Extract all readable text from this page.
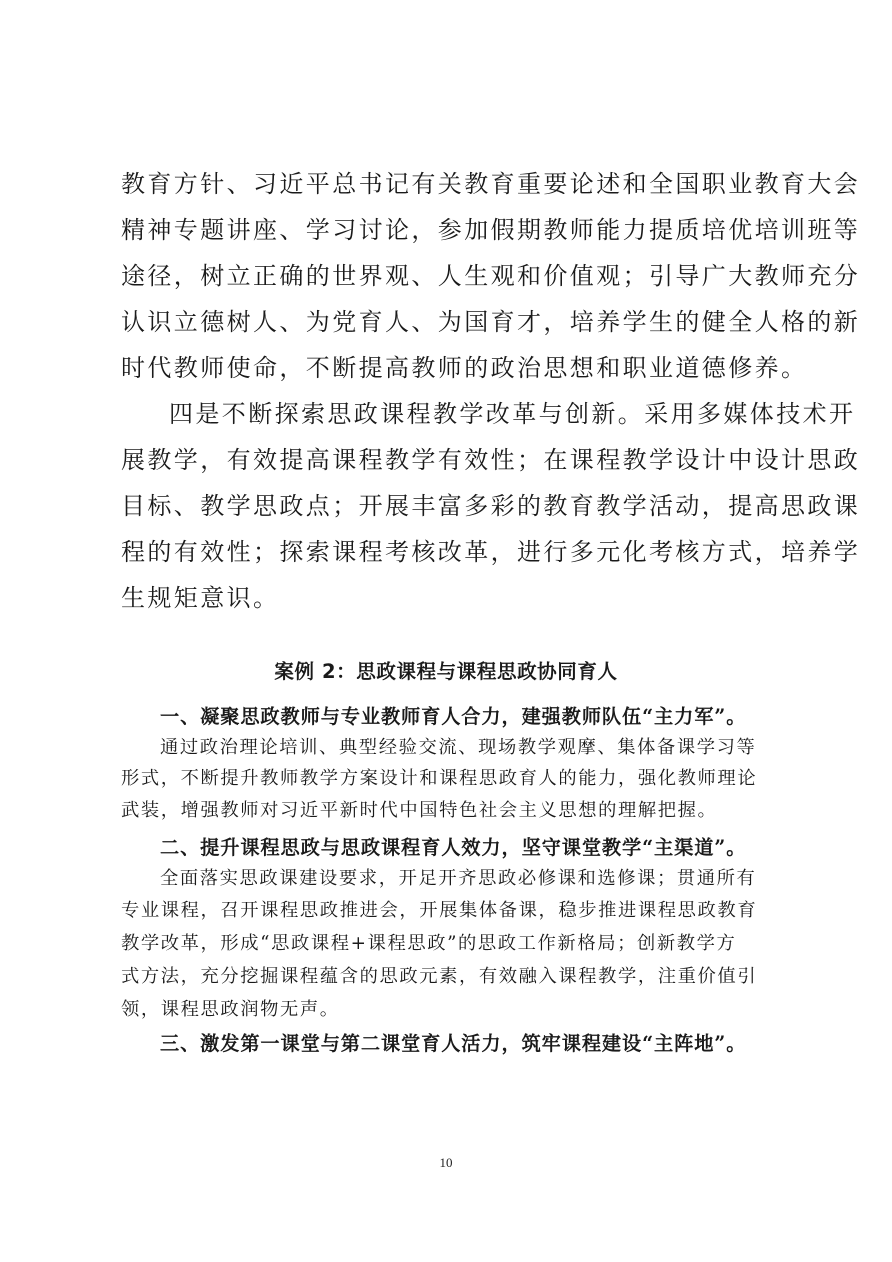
教育方针、习近平总书记有关教育重要论述和全国职业教育大会
精神专题讲座、学习讨论，参加假期教师能力提质培优培训班等
途径，树立正确的世界观、人生观和价值观；引导广大教师充分
认识立德树人、为党育人、为国育才，培养学生的健全人格的新
时代教师使命，不断提高教师的政治思想和职业道德修养。
四是不断探索思政课程教学改革与创新。采用多媒体技术开
展教学，有效提高课程教学有效性；在课程教学设计中设计思政
目标、教学思政点；开展丰富多彩的教育教学活动，提高思政课
程的有效性；探索课程考核改革，进行多元化考核方式，培养学
生规矩意识。
案例 2：思政课程与课程思政协同育人
一、凝聚思政教师与专业教师育人合力，建强教师队伍“主力军”。
通过政治理论培训、典型经验交流、现场教学观摩、集体备课学习等
形式，不断提升教师教学方案设计和课程思政育人的能力，强化教师理论
武装，增强教师对习近平新时代中国特色社会主义思想的理解把握。
二、提升课程思政与思政课程育人效力，坚守课堂教学“主渠道”。
全面落实思政课建设要求，开足开齐思政必修课和选修课；贯通所有
专业课程，召开课程思政推进会，开展集体备课，稳步推进课程思政教育
教学改革，形成“思政课程+课程思政”的思政工作新格局；创新教学方
式方法，充分挖掘课程蕴含的思政元素，有效融入课程教学，注重价值引
领，课程思政润物无声。
三、激发第一课堂与第二课堂育人活力，筑牢课程建设“主阵地”。
10
